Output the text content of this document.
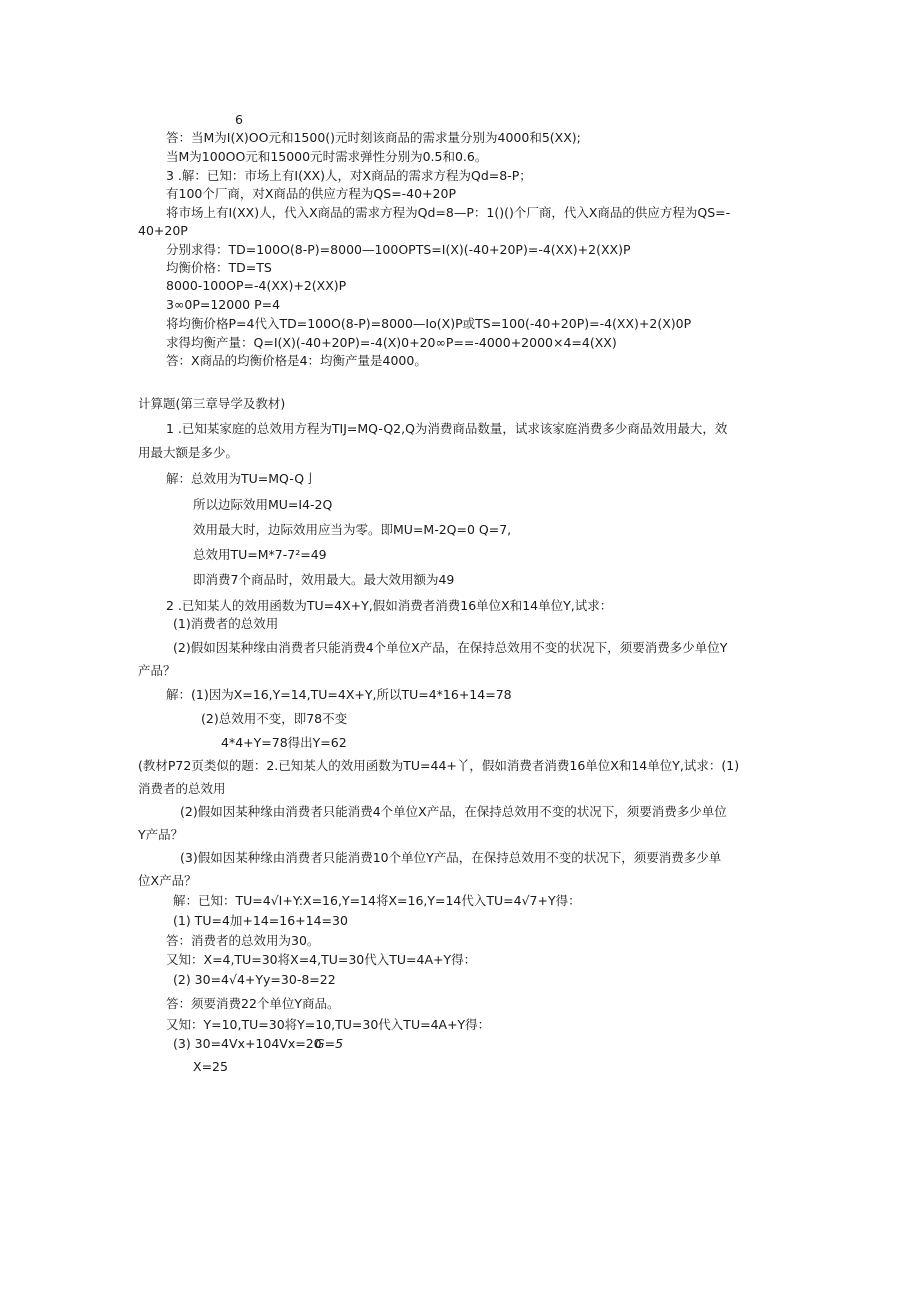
6
答：当M为I(X)OO元和1500()元时刻该商品的需求量分别为4000和5(XX);
当M为100OO元和15000元时需求弹性分别为0.5和0.6。
3 .解：已知：市场上有I(XX)人，对X商品的需求方程为Qd=8-P；
有100个厂商，对X商品的供应方程为QS=-40+20P
将市场上有I(XX)人，代入X商品的需求方程为Qd=8—P：1()()个厂商，代入X商品的供应方程为QS=-
40+20P
分别求得：TD=100O(8-P)=8000—100OPTS=I(X)(-40+20P)=-4(XX)+2(XX)P
均衡价格：TD=TS
8000-100OP=-4(XX)+2(XX)P
3∞0P=12000 P=4
将均衡价格P=4代入TD=100O(8-P)=8000—Io(X)P或TS=100(-40+20P)=-4(XX)+2(X)0P
求得均衡产量：Q=I(X)(-40+20P)=-4(X)0+20∞P==-4000+2000×4=4(XX)
答：X商品的均衡价格是4：均衡产量是4000。
计算题(第三章导学及教材)
1 .已知某家庭的总效用方程为TIJ=MQ-Q2,Q为消费商品数量，试求该家庭消费多少商品效用最大，效
用最大额是多少。
解：总效用为TU=MQ-Q亅
所以边际效用MU=I4-2Q
效用最大时，边际效用应当为零。即MU=M-2Q=0 Q=7,
总效用TU=M*7-7²=49
即消费7个商品时，效用最大。最大效用额为49
2 .已知某人的效用函数为TU=4X+Y,假如消费者消费16单位X和14单位Y,试求：
(1)消费者的总效用
(2)假如因某种缘由消费者只能消费4个单位X产品，在保持总效用不变的状况下，须要消费多少单位Y
产品？
解：(1)因为X=16,Y=14,TU=4X+Y,所以TU=4*16+14=78
(2)总效用不变，即78不变
4*4+Y=78得出Y=62
(教材P72页类似的题：2.已知某人的效用函数为TU=44+丫，假如消费者消费16单位X和14单位Y,试求：(1)
消费者的总效用
(2)假如因某种缘由消费者只能消费4个单位X产品，在保持总效用不变的状况下，须要消费多少单位
Y产品？
(3)假如因某种缘由消费者只能消费10个单位Y产品，在保持总效用不变的状况下，须要消费多少单
位X产品？
解：已知：TU=4√I+Y:X=16,Y=14将X=16,Y=14代入TU=4√7+Y得：
(1) TU=4加+14=16+14=30
答：消费者的总效用为30。
又知：X=4,TU=30将X=4,TU=30代入TU=4A+Y得：
(2) 30=4√4+Yy=30-8=22
答：须要消费22个单位Y商品。
又知：Y=10,TU=30将Y=10,TU=30代入TU=4A+Y得：
(3) 30=4Vx+104Vx=20
G=5
X=25
